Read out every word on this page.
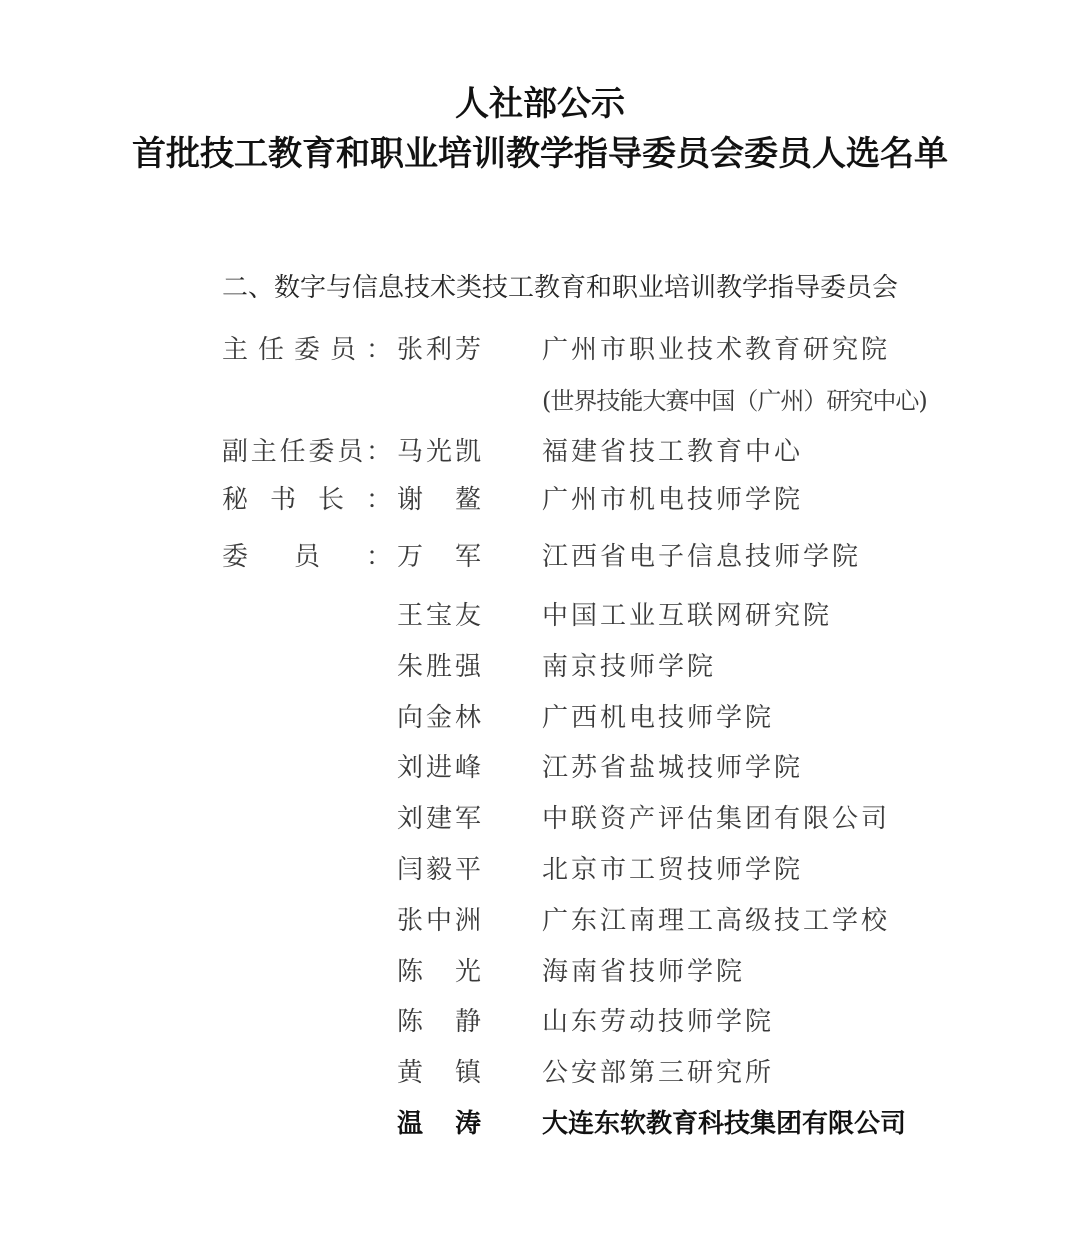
人社部公示
首批技工教育和职业培训教学指导委员会委员人选名单
二、数字与信息技术类技工教育和职业培训教学指导委员会
主任委员： 张利芳 广州市职业技术教育研究院
(世界技能大赛中国（广州）研究中心)
副主任委员： 马光凯 福建省技工教育中心
秘书长： 谢 鳌 广州市机电技师学院
委员： 万 军 江西省电子信息技师学院
王宝友 中国工业互联网研究院
朱胜强 南京技师学院
向金林 广西机电技师学院
刘进峰 江苏省盐城技师学院
刘建军 中联资产评估集团有限公司
闫毅平 北京市工贸技师学院
张中洲 广东江南理工高级技工学校
陈 光 海南省技师学院
陈 静 山东劳动技师学院
黄 镇 公安部第三研究所
温 涛 大连东软教育科技集团有限公司
